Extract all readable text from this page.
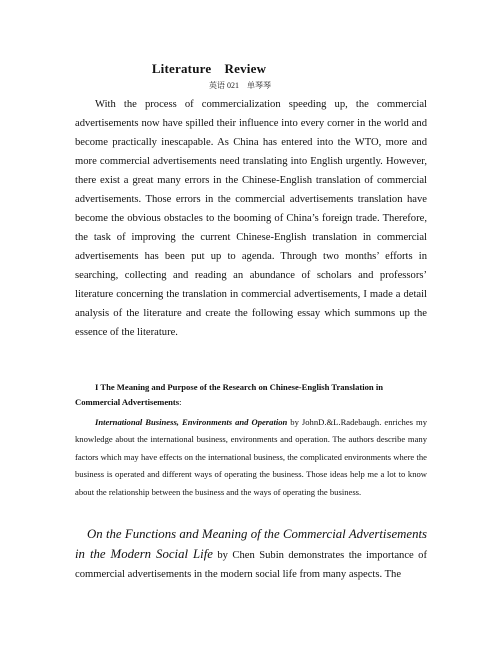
Literature　Review
英语 021　单琴琴

With the process of commercialization speeding up, the commercial advertisements now have spilled their influence into every corner in the world and become practically inescapable. As China has entered into the WTO, more and more commercial advertisements need translating into English urgently. However, there exist a great many errors in the Chinese-English translation of commercial advertisements. Those errors in the commercial advertisements translation have become the obvious obstacles to the booming of China’s foreign trade. Therefore, the task of improving the current Chinese-English translation in commercial advertisements has been put up to agenda. Through two months’ efforts in searching, collecting and reading an abundance of scholars and professors’ literature concerning the translation in commercial advertisements, I made a detail analysis of the literature and create the following essay which summons up the essence of the literature.

I The Meaning and Purpose of the Research on Chinese-English Translation in Commercial Advertisements:

International Business, Environments and Operation by JohnD.&L.Radebaugh. enriches my knowledge about the international business, environments and operation. The authors describe many factors which may have effects on the international business, the complicated environments where the business is operated and different ways of operating the business. Those ideas help me a lot to know about the relationship between the business and the ways of operating the business.

On the Functions and Meaning of the Commercial Advertisements in the Modern Social Life by Chen Subin demonstrates the importance of commercial advertisements in the modern social life from many aspects. The
